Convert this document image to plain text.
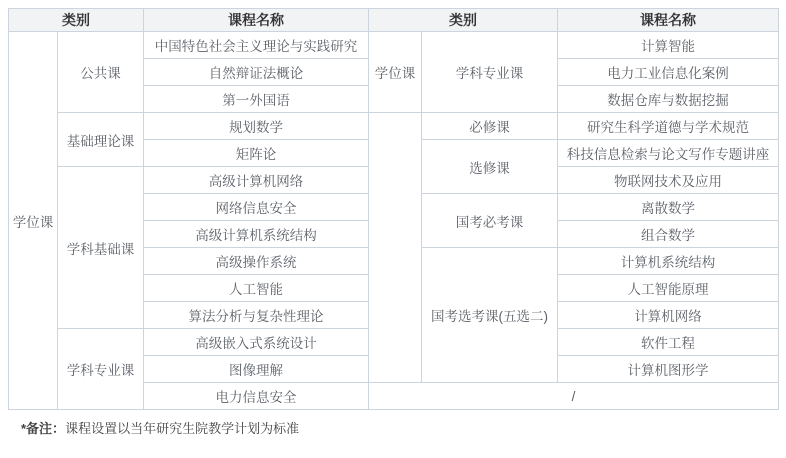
类别		课程名称	类别		课程名称
学位课	公共课	中国特色社会主义理论与实践研究	学位课	学科专业课	计算智能
		自然辩证法概论			电力工业信息化案例
		第一外国语			数据仓库与数据挖掘
	基础理论课	规划数学		必修课	研究生科学道德与学术规范
		矩阵论		选修课	科技信息检索与论文写作专题讲座
	学科基础课	高级计算机网络			物联网技术及应用
		网络信息安全		国考必考课	离散数学
		高级计算机系统结构			组合数学
		高级操作系统		国考选考课(五选二)	计算机系统结构
		人工智能			人工智能原理
		算法分析与复杂性理论			计算机网络
	学科专业课	高级嵌入式系统设计			软件工程
		图像理解			计算机图形学
		电力信息安全	/		
*备注：课程设置以当年研究生院教学计划为标准
